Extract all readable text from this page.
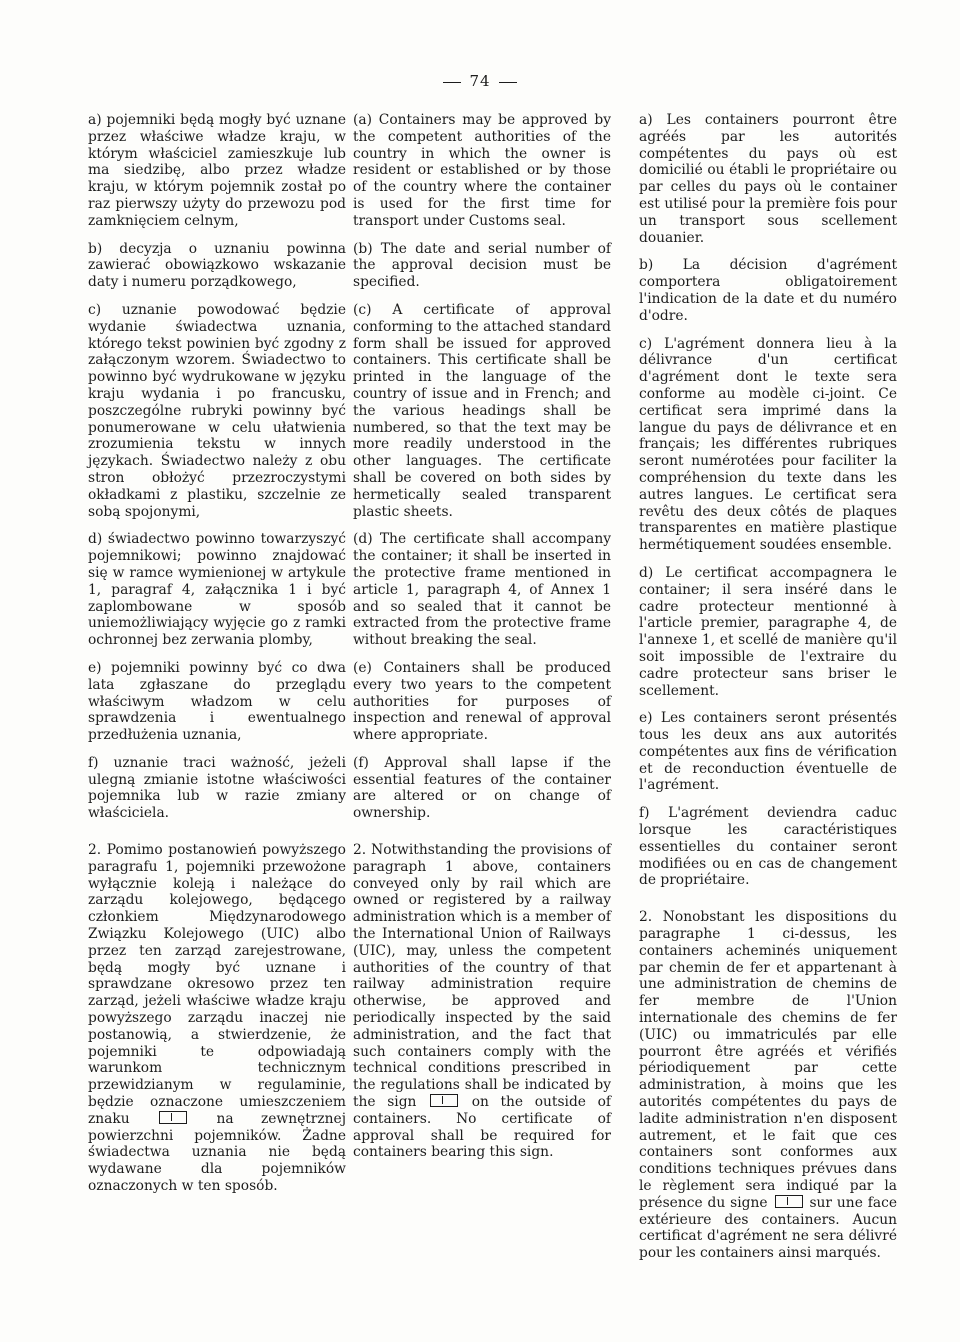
74

a) pojemniki będą mogły być uznane przez właściwe władze kraju, w którym właściciel zamieszkuje lub ma siedzibę, albo przez władze kraju, w którym pojemnik został po raz pierwszy użyty do przewozu pod zamknięciem celnym,

b) decyzja o uznaniu powinna zawierać obowiązkowo wskazanie daty i numeru porządkowego,

c) uznanie powodować będzie wydanie świadectwa uznania, którego tekst powinien być zgodny z załączonym wzorem. Świadectwo to powinno być wydrukowane w języku kraju wydania i po francusku, poszczególne rubryki powinny być ponumerowane w celu ułatwienia zrozumienia tekstu w innych językach. Świadectwo należy z obu stron obłożyć przezroczystymi okładkami z plastiku, szczelnie ze sobą spojonymi,

d) świadectwo powinno towarzyszyć pojemnikowi; powinno znajdować się w ramce wymienionej w artykule 1, paragraf 4, załącznika 1 i być zaplombowane w sposób uniemożliwiający wyjęcie go z ramki ochronnej bez zerwania plomby,

e) pojemniki powinny być co dwa lata zgłaszane do przeglądu właściwym władzom w celu sprawdzenia i ewentualnego przedłużenia uznania,

f) uznanie traci ważność, jeżeli ulegną zmianie istotne właściwości pojemnika lub w razie zmiany właściciela.

2. Pomimo postanowień powyższego paragrafu 1, pojemniki przewożone wyłącznie koleją i należące do zarządu kolejowego, będącego członkiem Międzynarodowego Związku Kolejowego (UIC) albo przez ten zarząd zarejestrowane, będą mogły być uznane i sprawdzane okresowo przez ten zarząd, jeżeli właściwe władze kraju powyższego zarządu inaczej nie postanowią, a stwierdzenie, że pojemniki te odpowiadają warunkom technicznym przewidzianym w regulaminie, będzie oznaczone umieszczeniem znaku	na zewnętrznej powierzchni pojemników. Żadne świadectwa uznania nie będą wydawane dla pojemników oznaczonych w ten sposób.

(a) Containers may be approved by the competent authorities of the country in which the owner is resident or established or by those of the country where the container is used for the first time for transport under Customs seal.

(b) The date and serial number of the approval decision must be specified.

(c) A certificate of approval conforming to the attached standard form shall be issued for approved containers. This certificate shall be printed in the language of the country of issue and in French; and the various headings shall be numbered, so that the text may be more readily understood in the other languages. The certificate shall be covered on both sides by hermetically sealed transparent plastic sheets.

(d) The certificate shall accompany the container; it shall be inserted in the protective frame mentioned in article 1, paragraph 4, of Annex 1 and so sealed that it cannot be extracted from the protective frame without breaking the seal.

(e) Containers shall be produced every two years to the competent authorities for purposes of inspection and renewal of approval where appropriate.

(f) Approval shall lapse if the essential features of the container are altered or on change of ownership.

2. Notwithstanding the provisions of paragraph 1 above, containers conveyed only by rail which are owned or registered by a railway administration which is a member of the International Union of Railways (UIC), may, unless the competent authorities of the country of that railway administration require otherwise, be approved and periodically inspected by the said administration, and the fact that such containers comply with the technical conditions prescribed in the regulations shall be indicated by the sign	on the outside of containers. No certificate of approval shall be required for containers bearing this sign.

a) Les containers pourront être agréés par les autorités compétentes du pays où est domicilié ou établi le propriétaire ou par celles du pays où le container est utilisé pour la première fois pour un transport sous scellement douanier.

b) La décision d'agrément comportera obligatoirement l'indication de la date et du numéro d'odre.

c) L'agrément donnera lieu à la délivrance d'un certificat d'agrément dont le texte sera conforme au modèle ci-joint. Ce certificat sera imprimé dans la langue du pays de délivrance et en français; les différentes rubriques seront numérotées pour faciliter la compréhension du texte dans les autres langues. Le certificat sera revêtu des deux côtés de plaques transparentes en matière plastique hermétiquement soudées ensemble.

d) Le certificat accompagnera le container; il sera inséré dans le cadre protecteur mentionné à l'article premier, paragraphe 4, de l'annexe 1, et scellé de manière qu'il soit impossible de l'extraire du cadre protecteur sans briser le scellement.

e) Les containers seront présentés tous les deux ans aux autorités compétentes aux fins de vérification et de reconduction éventuelle de l'agrément.

f) L'agrément deviendra caduc lorsque les caractéristiques essentielles du container seront modifiées ou en cas de changement de propriétaire.

2. Nonobstant les dispositions du paragraphe 1 ci-dessus, les containers acheminés uniquement par chemin de fer et appartenant à une administration de chemins de fer membre de l'Union internationale des chemins de fer (UIC) ou immatriculés par elle pourront être agréés et vérifiés périodiquement par cette administration, à moins que les autorités compétentes du pays de ladite administration n'en disposent autrement, et le fait que ces containers sont conformes aux conditions techniques prévues dans le règlement sera indiqué par la présence du signe	sur une face extérieure des containers. Aucun certificat d'agrément ne sera délivré pour les containers ainsi marqués.
